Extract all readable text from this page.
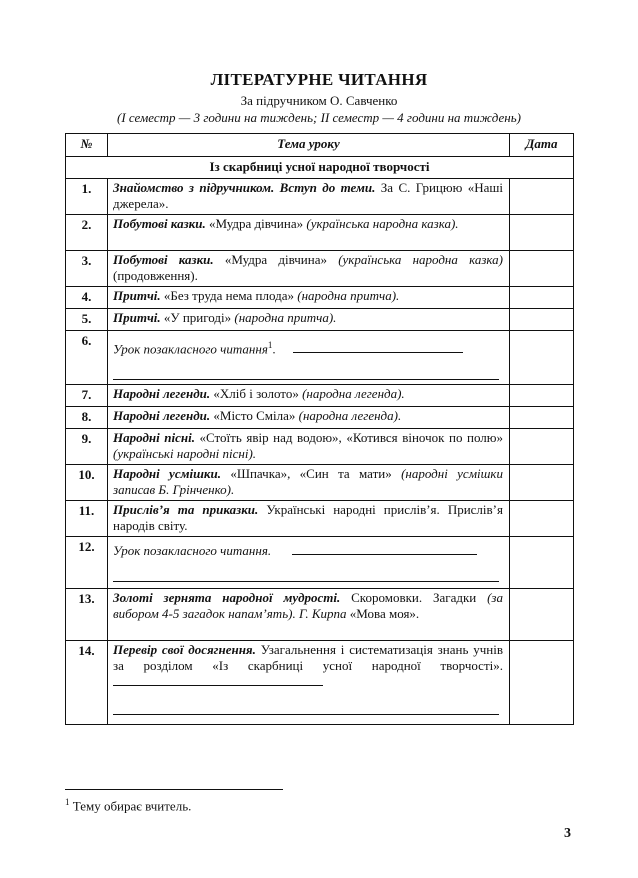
ЛІТЕРАТУРНЕ ЧИТАННЯ
За підручником О. Савченко
(І семестр — 3 години на тиждень; II семестр — 4 години на тиждень)
№	Тема уроку	Дата
Із скарбниці усної народної творчості		
1.	Знайомство з підручником. Вступ до теми. За С. Грицюю «Наші джерела».	
2.	Побутові казки. «Мудра дівчина» (українська народна казка).	
3.	Побутові казки. «Мудра дівчина» (українська народна казка) (продовження).	
4.	Притчі. «Без труда нема плода» (народна притча).	
5.	Притчі. «У пригоді» (народна притча).	
6.	Урок позакласного читання$^1$.

7.	Народні легенди. «Хліб і золото» (народна легенда).	
8.	Народні легенди. «Місто Сміла» (народна легенда).	
9.	Народні пісні. «Стоїть явір над водою», «Котився віночок по полю» (українські народні пісні).	
10.	Народні усмішки. «Шпачка», «Син та мати» (народні усмішки записав Б. Грінченко).	
11.	Прислів’я та приказки. Українські народні прислів’я. Прислів’я народів світу.	
12.	Урок позакласного читання.

13.	Золоті зернята народної мудрості. Скоромовки. Загадки (за вибором 4-5 загадок напам’ять). Г. Кирпа «Мова моя».	
14.	Перевір свої досягнення. Узагальнення і систематизація знань учнів за розділом «Із скарбниці усної народної творчості».

$^1$ Тему обирає вчитель.
3
